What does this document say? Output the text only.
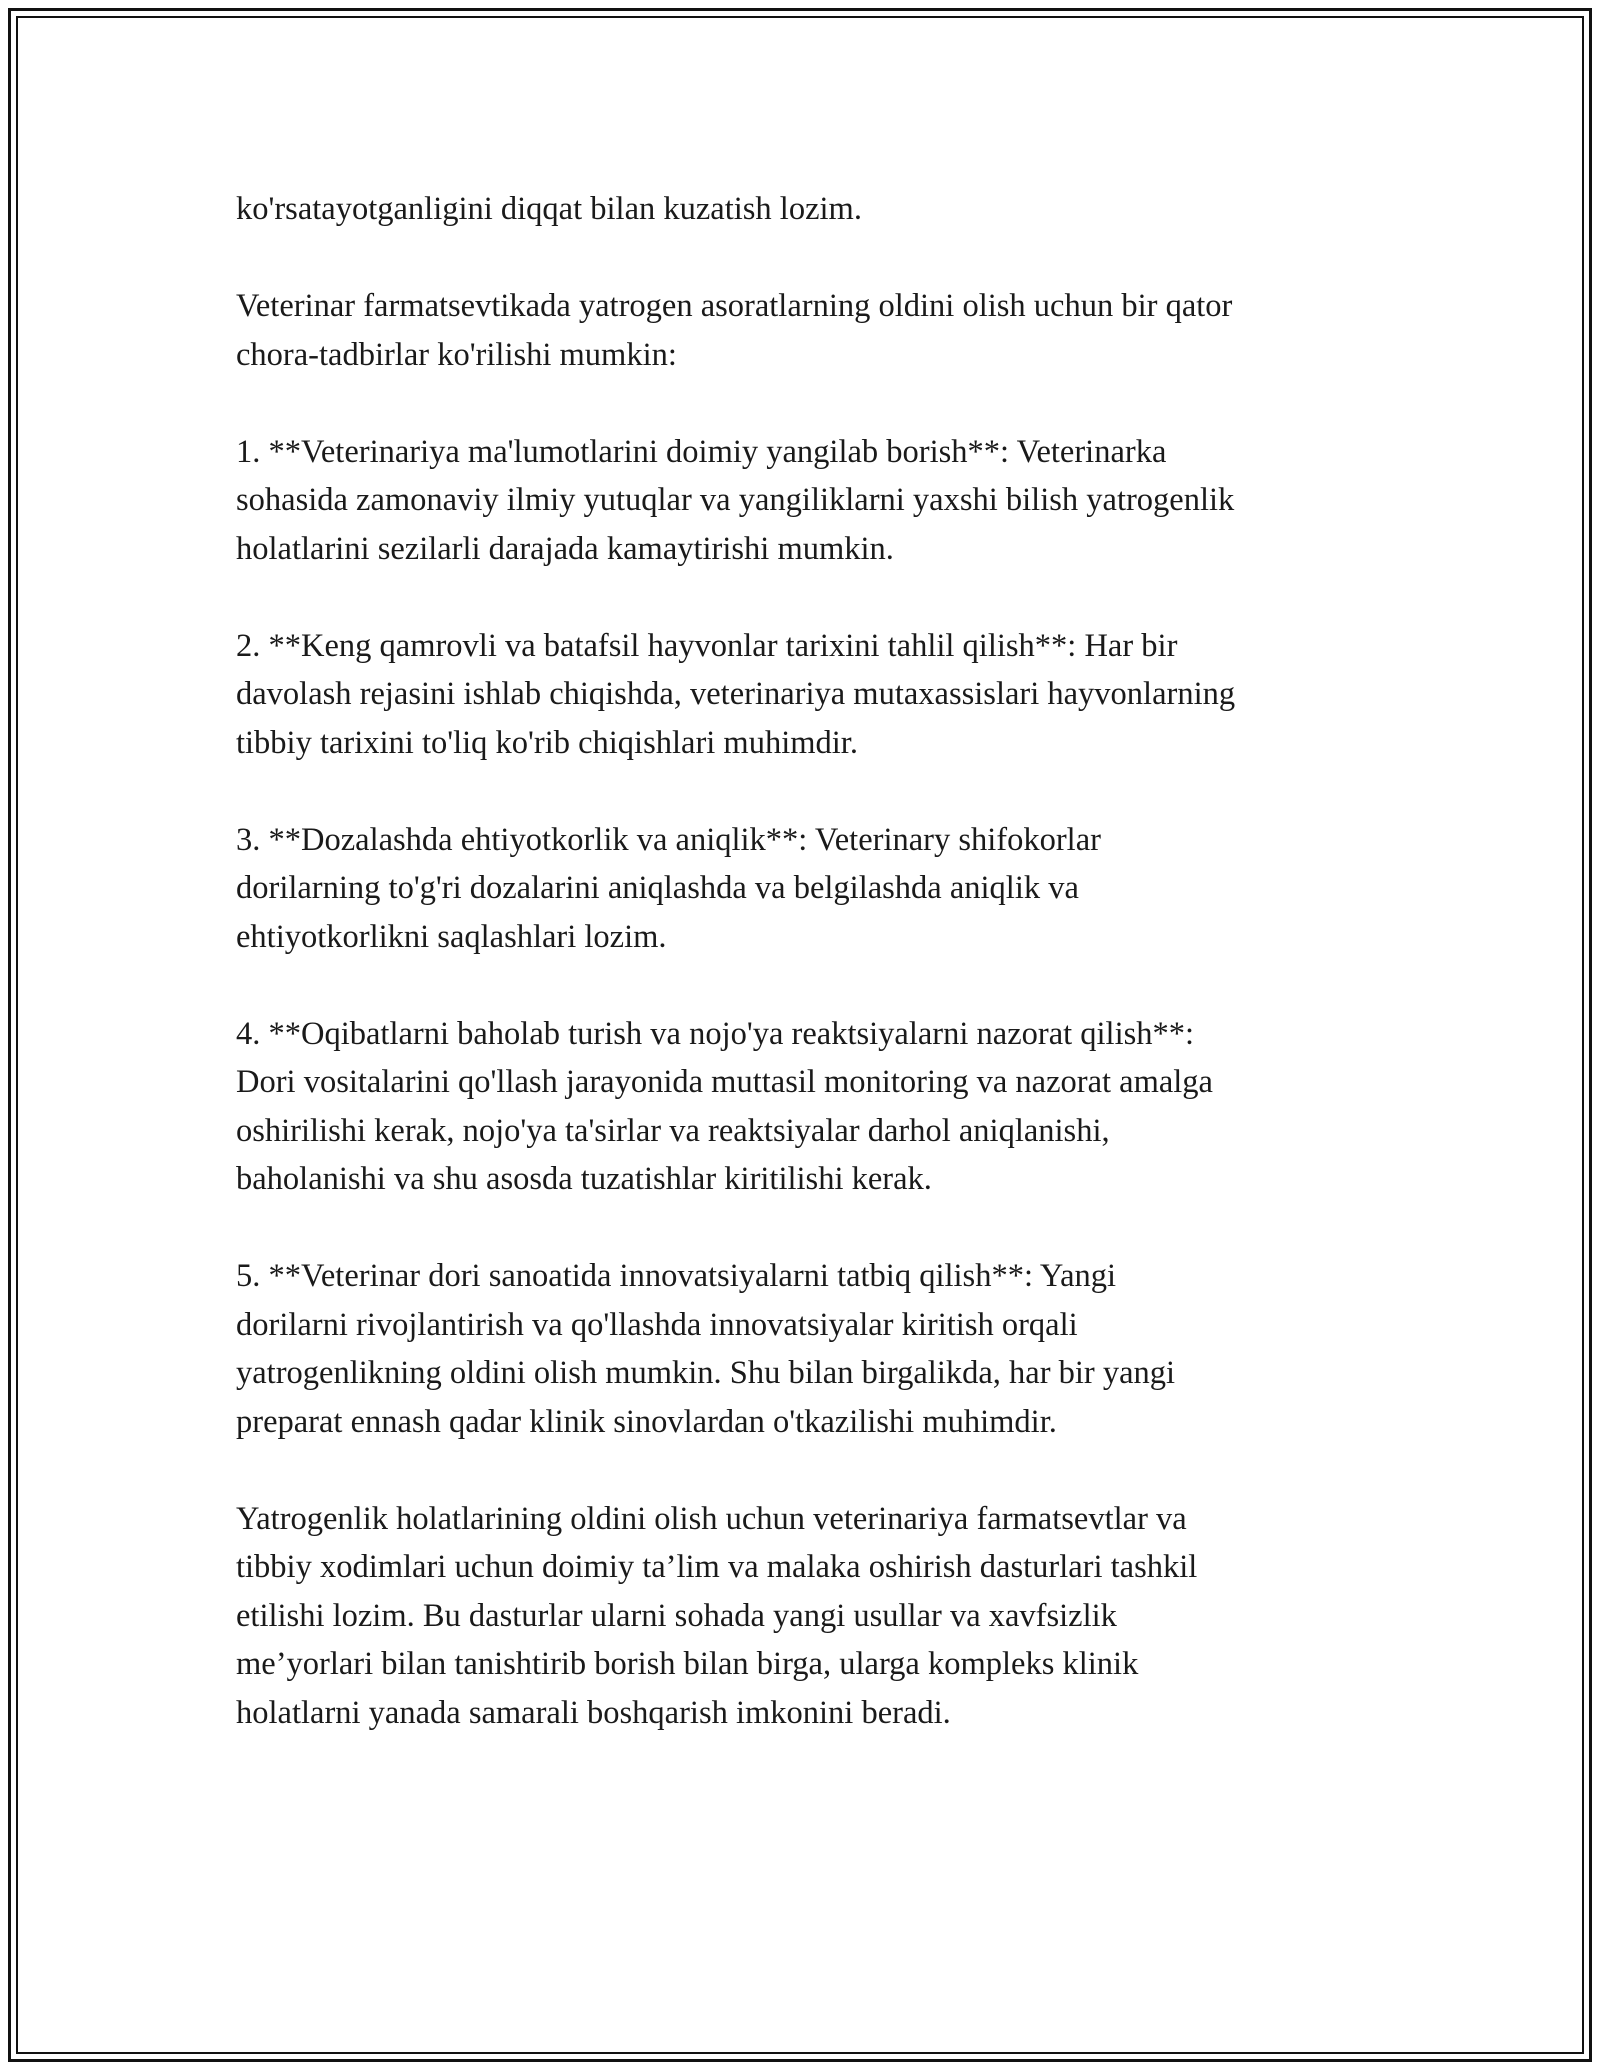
ko'rsatayotganligini diqqat bilan kuzatish lozim.

Veterinar farmatsevtikada yatrogen asoratlarning oldini olish uchun bir qator
chora-tadbirlar ko'rilishi mumkin:

1. **Veterinariya ma'lumotlarini doimiy yangilab borish**: Veterinarka
sohasida zamonaviy ilmiy yutuqlar va yangiliklarni yaxshi bilish yatrogenlik
holatlarini sezilarli darajada kamaytirishi mumkin.

2. **Keng qamrovli va batafsil hayvonlar tarixini tahlil qilish**: Har bir
davolash rejasini ishlab chiqishda, veterinariya mutaxassislari hayvonlarning
tibbiy tarixini to'liq ko'rib chiqishlari muhimdir.

3. **Dozalashda ehtiyotkorlik va aniqlik**: Veterinary shifokorlar
dorilarning to'g'ri dozalarini aniqlashda va belgilashda aniqlik va
ehtiyotkorlikni saqlashlari lozim.

4. **Oqibatlarni baholab turish va nojo'ya reaktsiyalarni nazorat qilish**:
Dori vositalarini qo'llash jarayonida muttasil monitoring va nazorat amalga
oshirilishi kerak, nojo'ya ta'sirlar va reaktsiyalar darhol aniqlanishi,
baholanishi va shu asosda tuzatishlar kiritilishi kerak.

5. **Veterinar dori sanoatida innovatsiyalarni tatbiq qilish**: Yangi
dorilarni rivojlantirish va qo'llashda innovatsiyalar kiritish orqali
yatrogenlikning oldini olish mumkin. Shu bilan birgalikda, har bir yangi
preparat ennash qadar klinik sinovlardan o'tkazilishi muhimdir.

Yatrogenlik holatlarining oldini olish uchun veterinariya farmatsevtlar va
tibbiy xodimlari uchun doimiy ta’lim va malaka oshirish dasturlari tashkil
etilishi lozim. Bu dasturlar ularni sohada yangi usullar va xavfsizlik
me’yorlari bilan tanishtirib borish bilan birga, ularga kompleks klinik
holatlarni yanada samarali boshqarish imkonini beradi.
